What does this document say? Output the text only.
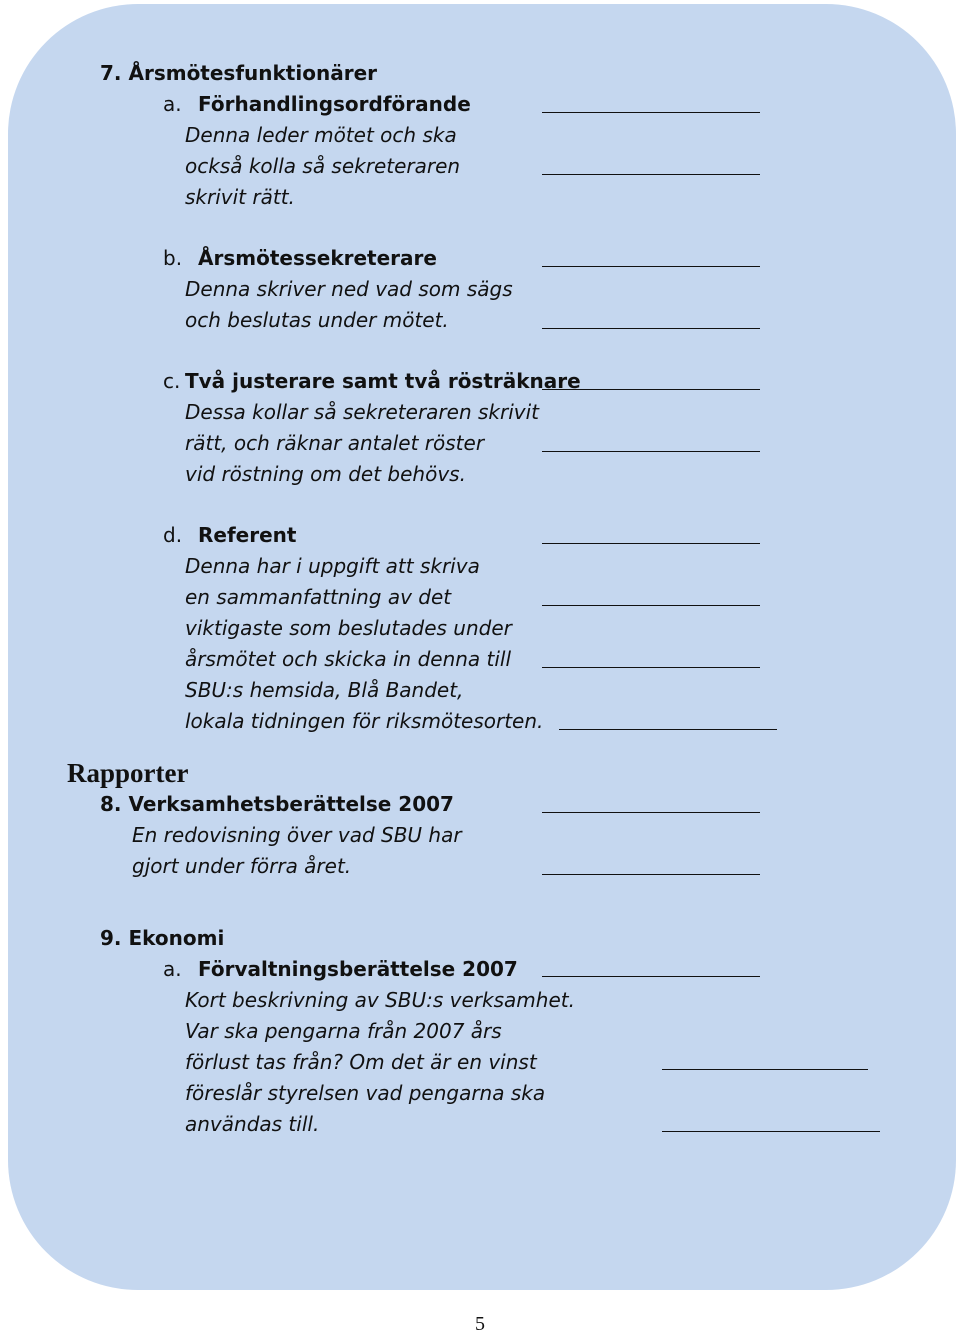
7. Årsmötesfunktionärer
a. Förhandlingsordförande
Denna leder mötet och ska
också kolla så sekreteraren
skrivit rätt.
b. Årsmötessekreterare
Denna skriver ned vad som sägs
och beslutas under mötet.
c. Två justerare samt två rösträknare
Dessa kollar så sekreteraren skrivit
rätt, och räknar antalet röster
vid röstning om det behövs.
d. Referent
Denna har i uppgift att skriva
en sammanfattning av det
viktigaste som beslutades under
årsmötet och skicka in denna till
SBU:s hemsida, Blå Bandet,
lokala tidningen för riksmötesorten.
Rapporter
8. Verksamhetsberättelse 2007
En redovisning över vad SBU har
gjort under förra året.
9. Ekonomi
a. Förvaltningsberättelse 2007
Kort beskrivning av SBU:s verksamhet.
Var ska pengarna från 2007 års
förlust tas från? Om det är en vinst
föreslår styrelsen vad pengarna ska
användas till.
5
